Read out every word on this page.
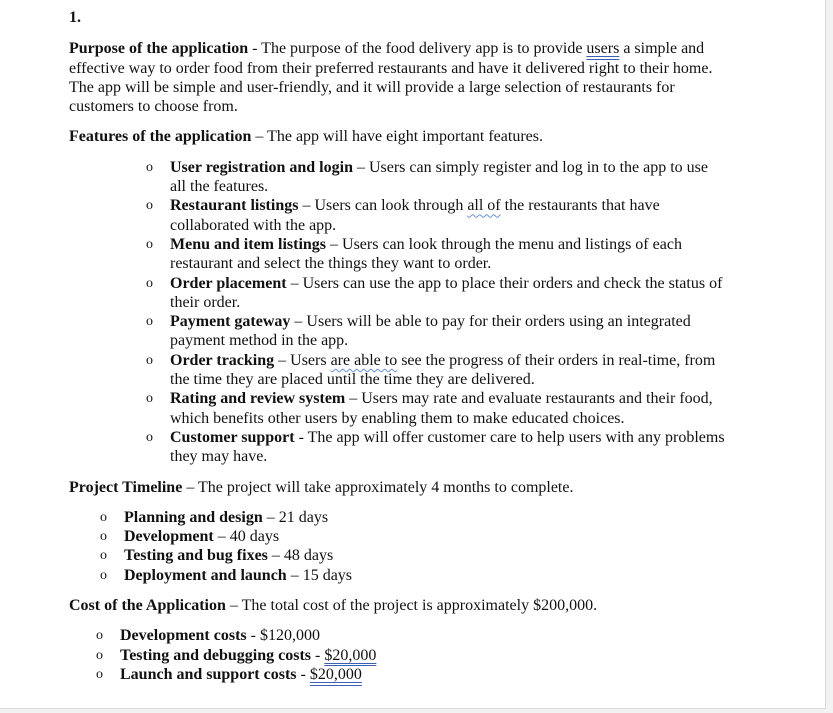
1.

Purpose of the application - The purpose of the food delivery app is to provide users a simple and effective way to order food from their preferred restaurants and have it delivered right to their home. The app will be simple and user-friendly, and it will provide a large selection of restaurants for customers to choose from.

Features of the application – The app will have eight important features.

o User registration and login – Users can simply register and log in to the app to use all the features.
o Restaurant listings – Users can look through all of the restaurants that have collaborated with the app.
o Menu and item listings – Users can look through the menu and listings of each restaurant and select the things they want to order.
o Order placement – Users can use the app to place their orders and check the status of their order.
o Payment gateway – Users will be able to pay for their orders using an integrated payment method in the app.
o Order tracking – Users are able to see the progress of their orders in real-time, from the time they are placed until the time they are delivered.
o Rating and review system – Users may rate and evaluate restaurants and their food, which benefits other users by enabling them to make educated choices.
o Customer support - The app will offer customer care to help users with any problems they may have.

Project Timeline – The project will take approximately 4 months to complete.

o Planning and design – 21 days
o Development – 40 days
o Testing and bug fixes – 48 days
o Deployment and launch – 15 days

Cost of the Application – The total cost of the project is approximately $200,000.

o Development costs - $120,000
o Testing and debugging costs - $20,000
o Launch and support costs - $20,000
